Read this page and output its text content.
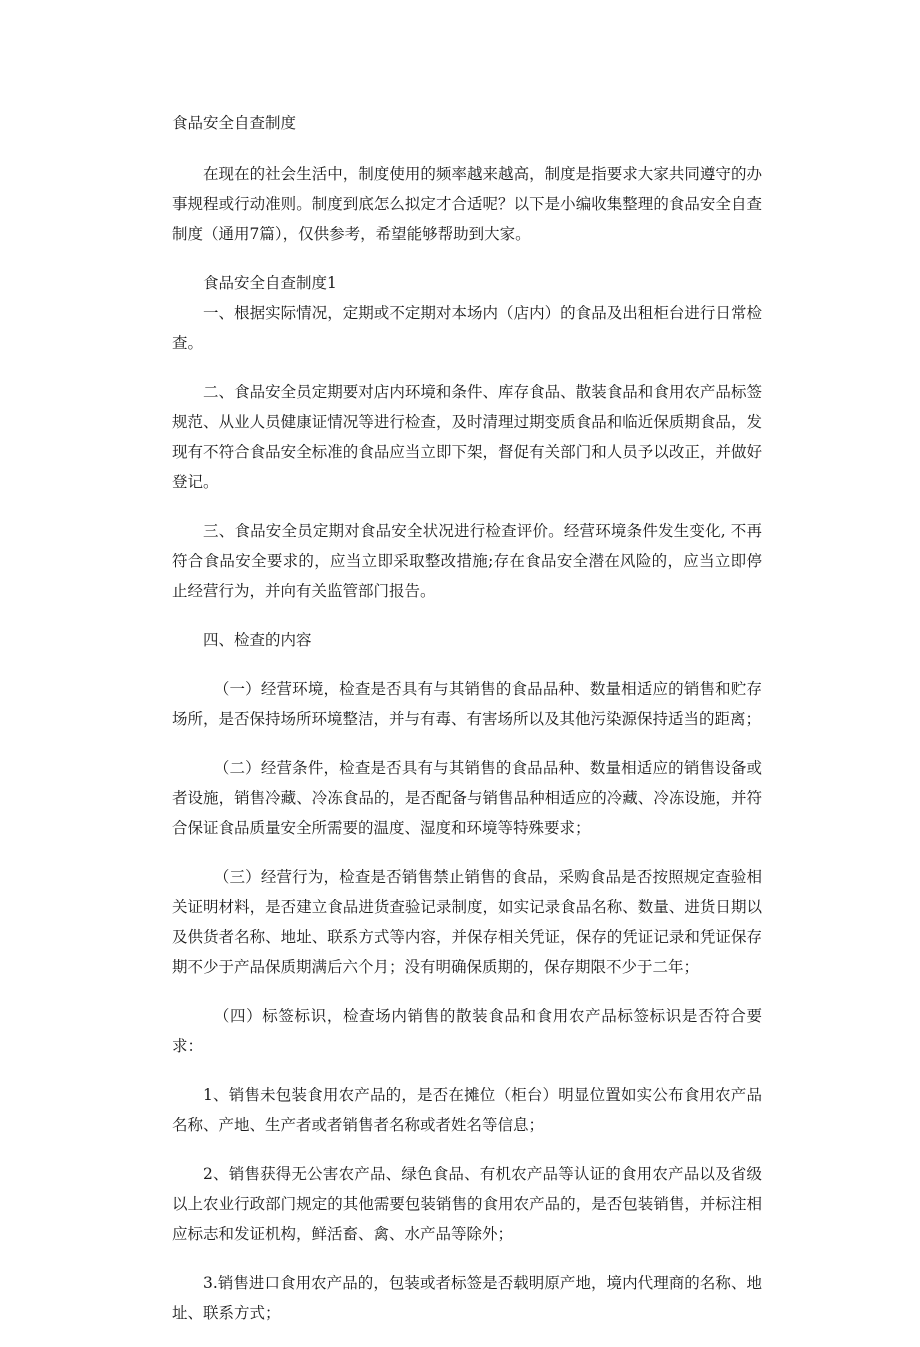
食品安全自查制度

在现在的社会生活中，制度使用的频率越来越高，制度是指要求大家共同遵守的办事规程或行动准则。制度到底怎么拟定才合适呢？以下是小编收集整理的食品安全自查制度（通用7篇），仅供参考，希望能够帮助到大家。

食品安全自查制度1

一、根据实际情况，定期或不定期对本场内（店内）的食品及出租柜台进行日常检查。

二、食品安全员定期要对店内环境和条件、库存食品、散装食品和食用农产品标签规范、从业人员健康证情况等进行检查，及时清理过期变质食品和临近保质期食品，发现有不符合食品安全标准的食品应当立即下架，督促有关部门和人员予以改正，并做好登记。

三、食品安全员定期对食品安全状况进行检查评价。经营环境条件发生变化, 不再符合食品安全要求的，应当立即采取整改措施;存在食品安全潜在风险的，应当立即停止经营行为，并向有关监管部门报告。

四、检查的内容

（一）经营环境，检查是否具有与其销售的食品品种、数量相适应的销售和贮存场所，是否保持场所环境整洁，并与有毒、有害场所以及其他污染源保持适当的距离；

（二）经营条件，检查是否具有与其销售的食品品种、数量相适应的销售设备或者设施，销售冷藏、冷冻食品的，是否配备与销售品种相适应的冷藏、冷冻设施，并符合保证食品质量安全所需要的温度、湿度和环境等特殊要求；

（三）经营行为，检查是否销售禁止销售的食品，采购食品是否按照规定查验相关证明材料，是否建立食品进货查验记录制度，如实记录食品名称、数量、进货日期以及供货者名称、地址、联系方式等内容，并保存相关凭证，保存的凭证记录和凭证保存期不少于产品保质期满后六个月；没有明确保质期的，保存期限不少于二年；

（四）标签标识，检查场内销售的散装食品和食用农产品标签标识是否符合要求：

1、销售未包装食用农产品的，是否在摊位（柜台）明显位置如实公布食用农产品名称、产地、生产者或者销售者名称或者姓名等信息；

2、销售获得无公害农产品、绿色食品、有机农产品等认证的食用农产品以及省级以上农业行政部门规定的其他需要包装销售的食用农产品的，是否包装销售，并标注相应标志和发证机构，鲜活畜、禽、水产品等除外；

3.销售进口食用农产品的，包装或者标签是否载明原产地，境内代理商的名称、地址、联系方式；
